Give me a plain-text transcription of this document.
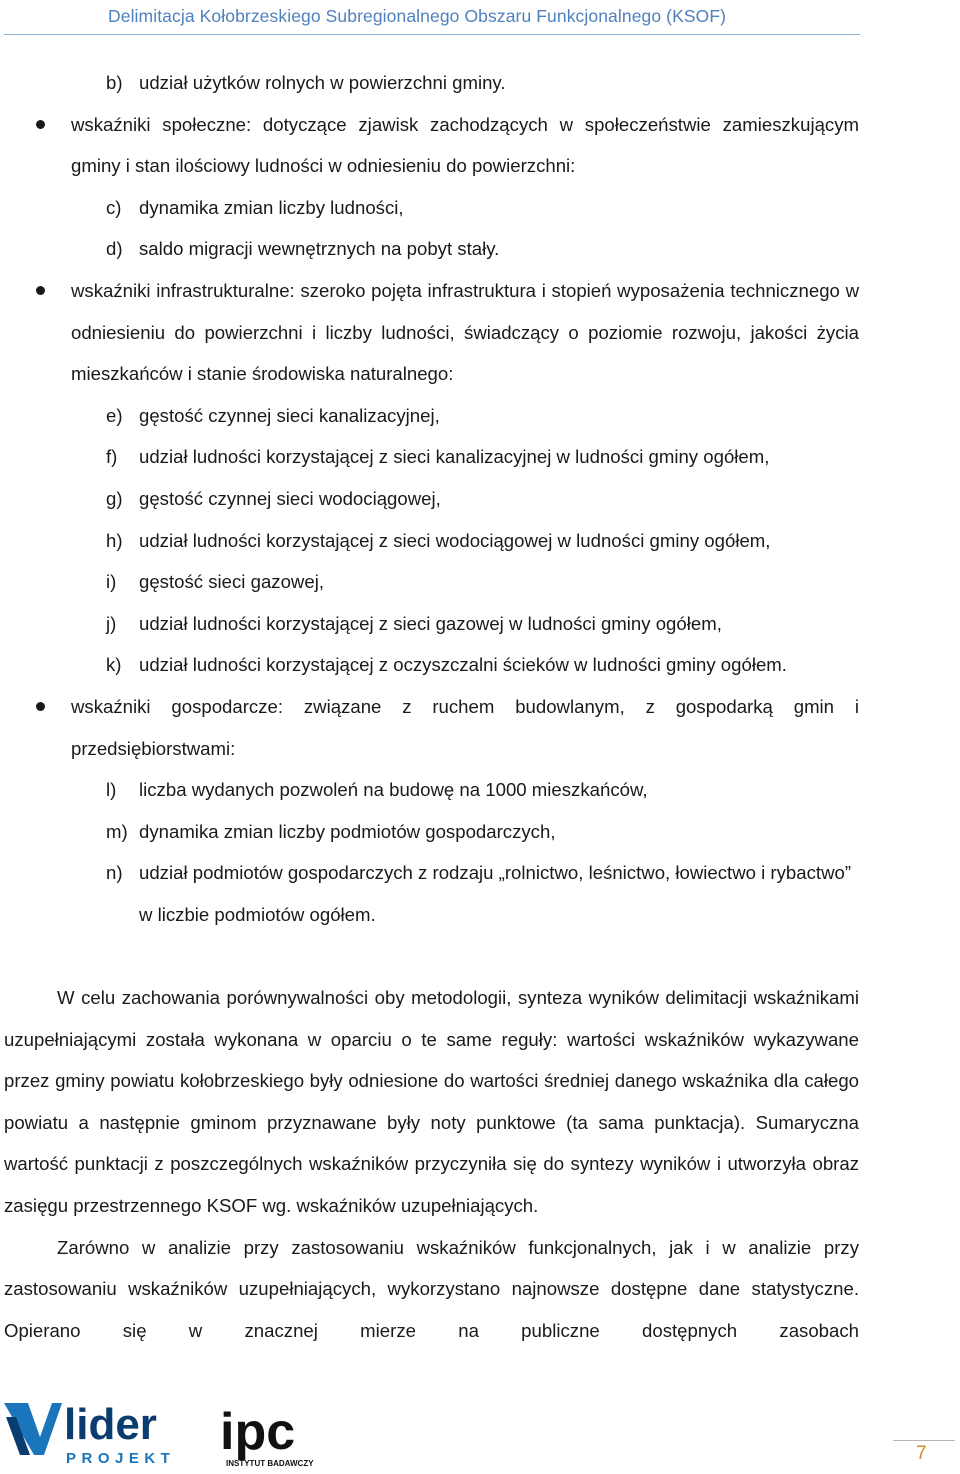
Delimitacja Kołobrzeskiego Subregionalnego Obszaru Funkcjonalnego (KSOF)
b) udział użytków rolnych w powierzchni gminy.
wskaźniki społeczne: dotyczące zjawisk zachodzących w społeczeństwie zamieszkującym gminy i stan ilościowy ludności w odniesieniu do powierzchni:
c) dynamika zmian liczby ludności,
d) saldo migracji wewnętrznych na pobyt stały.
wskaźniki infrastrukturalne: szeroko pojęta infrastruktura i stopień wyposażenia technicznego w odniesieniu do powierzchni i liczby ludności, świadczący o poziomie rozwoju, jakości życia mieszkańców i stanie środowiska naturalnego:
e) gęstość czynnej sieci kanalizacyjnej,
f) udział ludności korzystającej z sieci kanalizacyjnej w ludności gminy ogółem,
g) gęstość czynnej sieci wodociągowej,
h) udział ludności korzystającej z sieci wodociągowej w ludności gminy ogółem,
i) gęstość sieci gazowej,
j) udział ludności korzystającej z sieci gazowej w ludności gminy ogółem,
k) udział ludności korzystającej z oczyszczalni ścieków w ludności gminy ogółem.
wskaźniki gospodarcze: związane z ruchem budowlanym, z gospodarką gmin i przedsiębiorstwami:
l) liczba wydanych pozwoleń na budowę na 1000 mieszkańców,
m) dynamika zmian liczby podmiotów gospodarczych,
n) udział podmiotów gospodarczych z rodzaju „rolnictwo, leśnictwo, łowiectwo i rybactwo” w liczbie podmiotów ogółem.
W celu zachowania porównywalności oby metodologii, synteza wyników delimitacji wskaźnikami uzupełniającymi została wykonana w oparciu o te same reguły: wartości wskaźników wykazywane przez gminy powiatu kołobrzeskiego były odniesione do wartości średniej danego wskaźnika dla całego powiatu a następnie gminom przyznawane były noty punktowe (ta sama punktacja). Sumaryczna wartość punktacji z poszczególnych wskaźników przyczyniła się do syntezy wyników i utworzyła obraz zasięgu przestrzennego KSOF wg. wskaźników uzupełniających.
Zarówno w analizie przy zastosowaniu wskaźników funkcjonalnych, jak i w analizie przy zastosowaniu wskaźników uzupełniających, wykorzystano najnowsze dostępne dane statystyczne. Opierano się w znacznej mierze na publiczne dostępnych zasobach
lider
PROJEKT ipc
INSTYTUT BADAWCZY	7
